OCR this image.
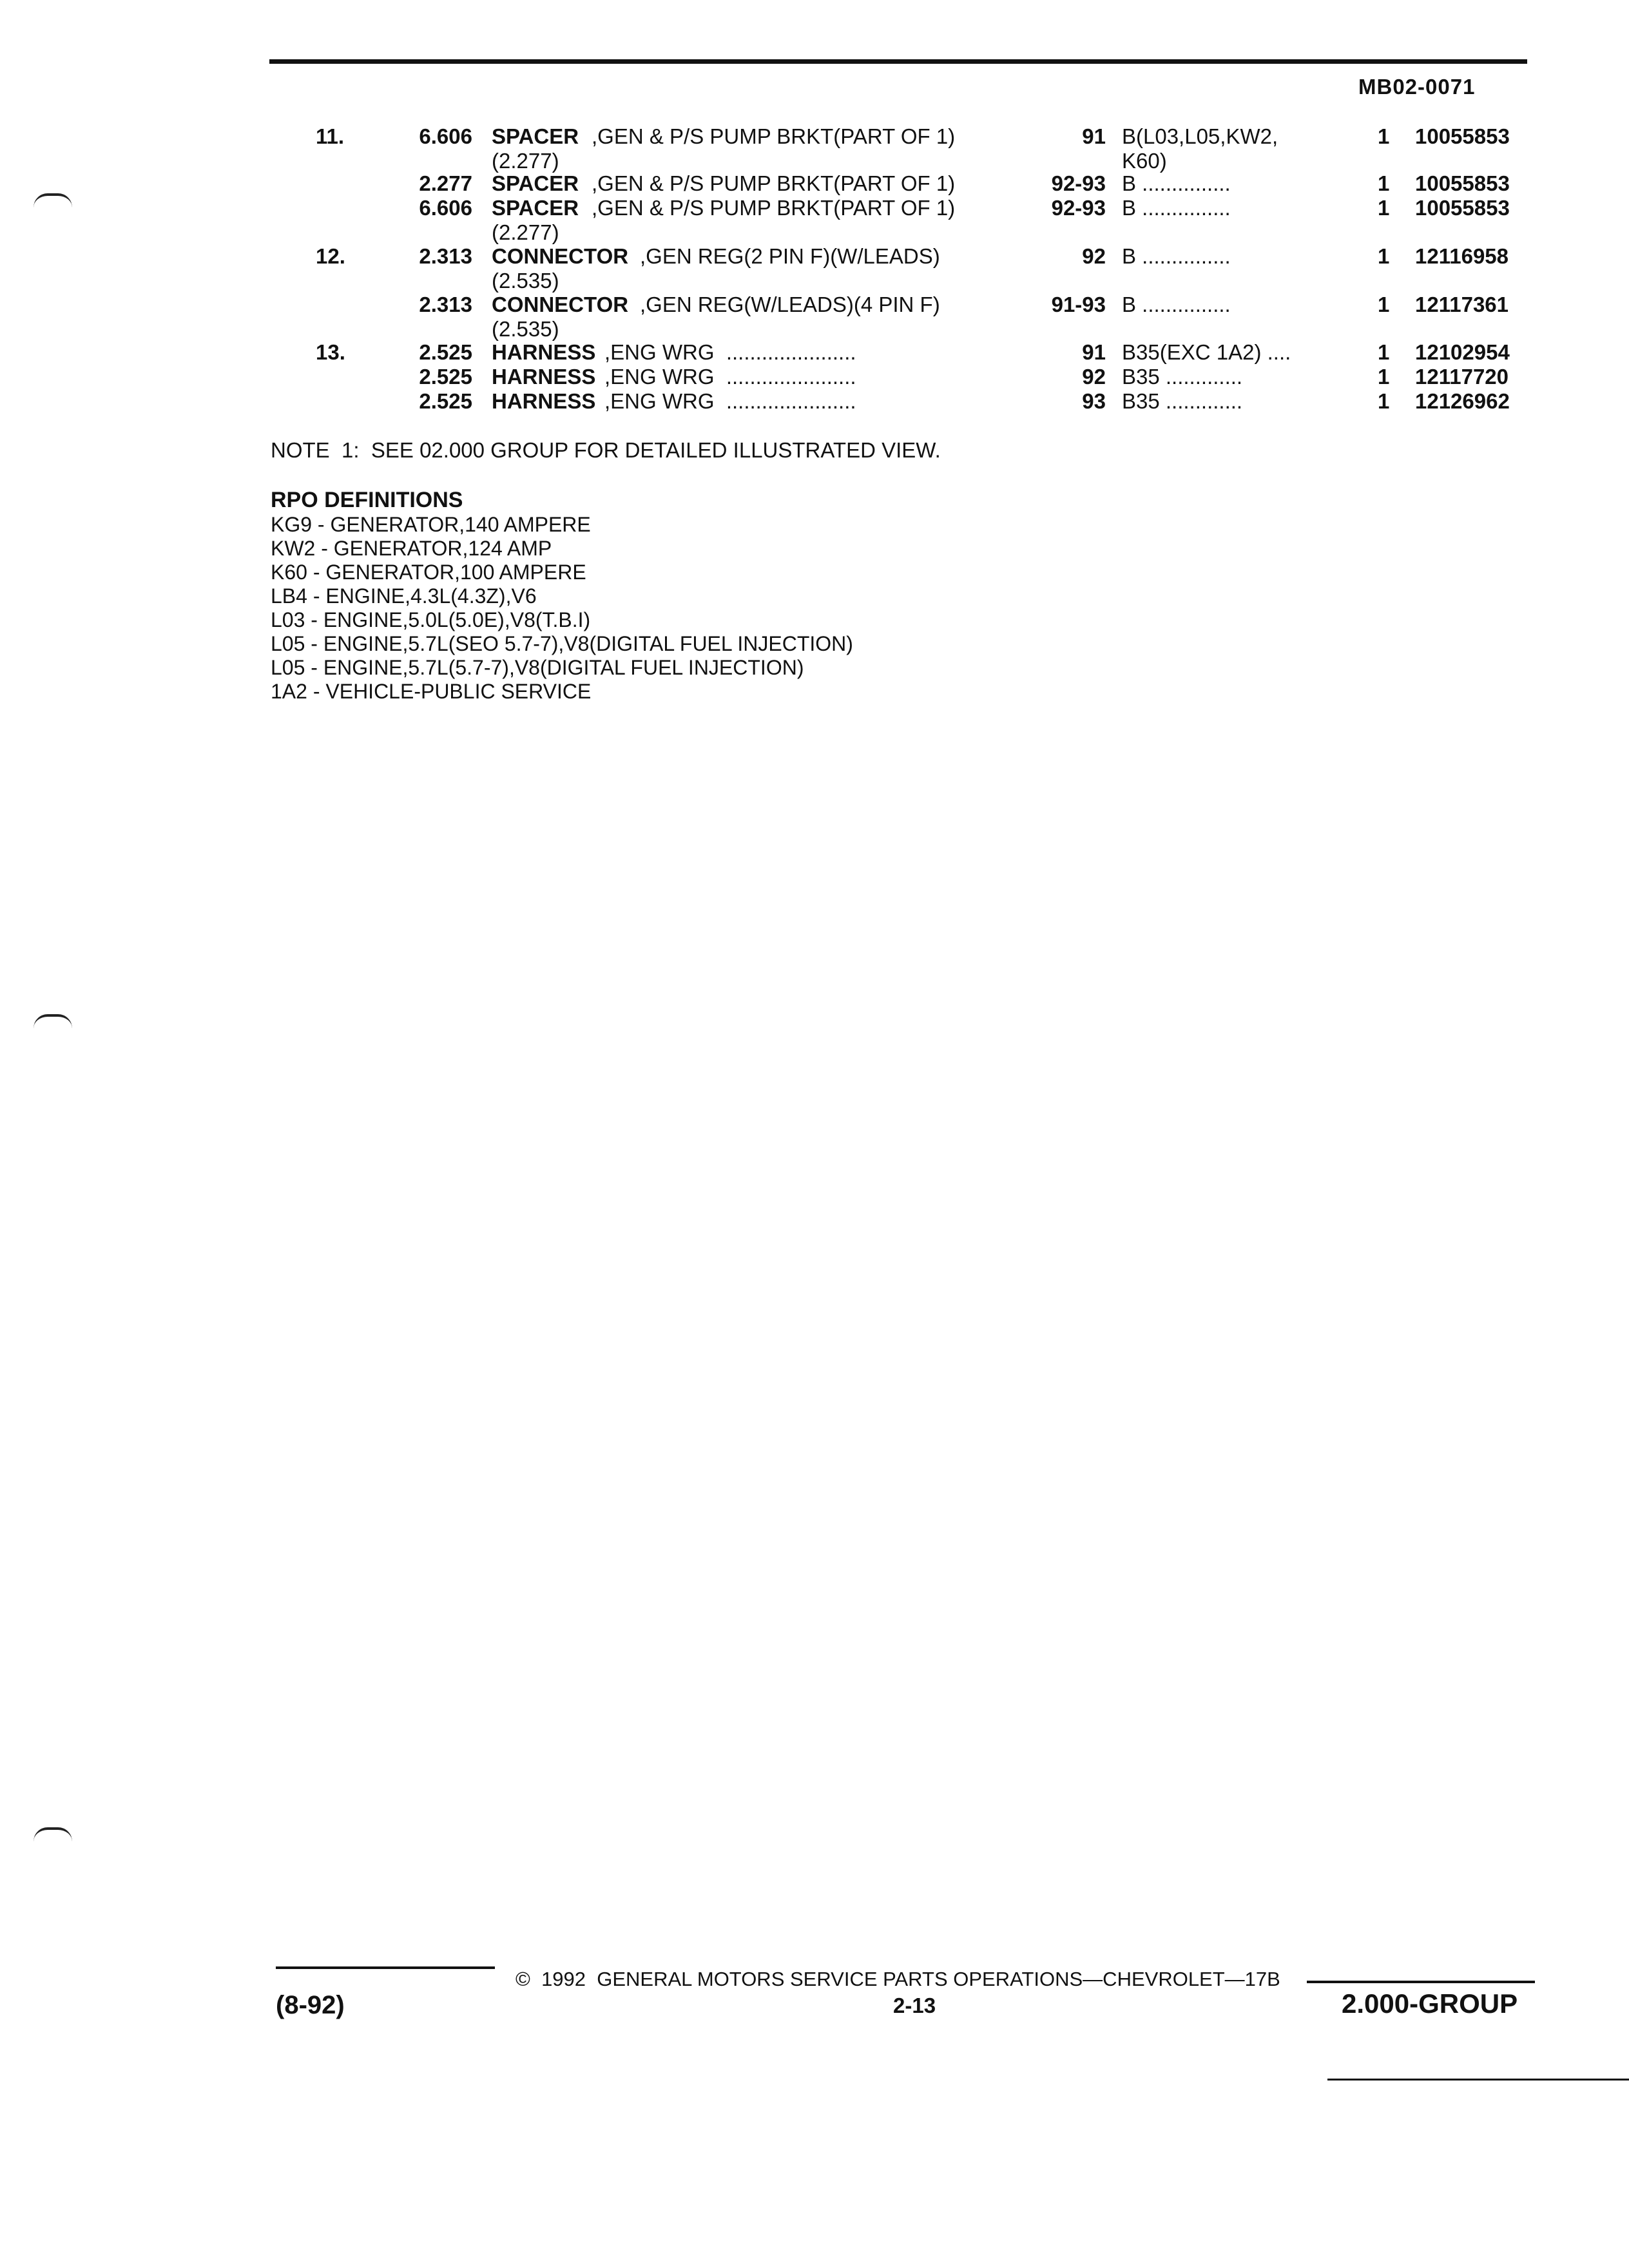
MB02-0071
11.	6.606 SPACER ,GEN & P/S PUMP BRKT(PART OF 1)	91 B(L03,L05,KW2,	1 10055853
(2.277)	K60)
2.277 SPACER ,GEN & P/S PUMP BRKT(PART OF 1)	92-93 B ...............	1 10055853
6.606 SPACER ,GEN & P/S PUMP BRKT(PART OF 1)	92-93 B ...............	1 10055853
(2.277)
12.	2.313 CONNECTOR ,GEN REG(2 PIN F)(W/LEADS)	92 B ...............	1 12116958
(2.535)
2.313 CONNECTOR ,GEN REG(W/LEADS)(4 PIN F)	91-93 B ...............	1 12117361
(2.535)
13.	2.525 HARNESS ,ENG WRG  ......................	91 B35(EXC 1A2) ....	1 12102954
2.525 HARNESS ,ENG WRG  ......................	92 B35 .............	1 12117720
2.525 HARNESS ,ENG WRG  ......................	93 B35 .............	1 12126962
NOTE  1:  SEE 02.000 GROUP FOR DETAILED ILLUSTRATED VIEW.
RPO DEFINITIONS
KG9 - GENERATOR,140 AMPERE
KW2 - GENERATOR,124 AMP
K60 - GENERATOR,100 AMPERE
LB4 - ENGINE,4.3L(4.3Z),V6
L03 - ENGINE,5.0L(5.0E),V8(T.B.I)
L05 - ENGINE,5.7L(SEO 5.7-7),V8(DIGITAL FUEL INJECTION)
L05 - ENGINE,5.7L(5.7-7),V8(DIGITAL FUEL INJECTION)
1A2 - VEHICLE-PUBLIC SERVICE
©  1992  GENERAL MOTORS SERVICE PARTS OPERATIONS—CHEVROLET—17B
(8-92)	2-13	2.000-GROUP
